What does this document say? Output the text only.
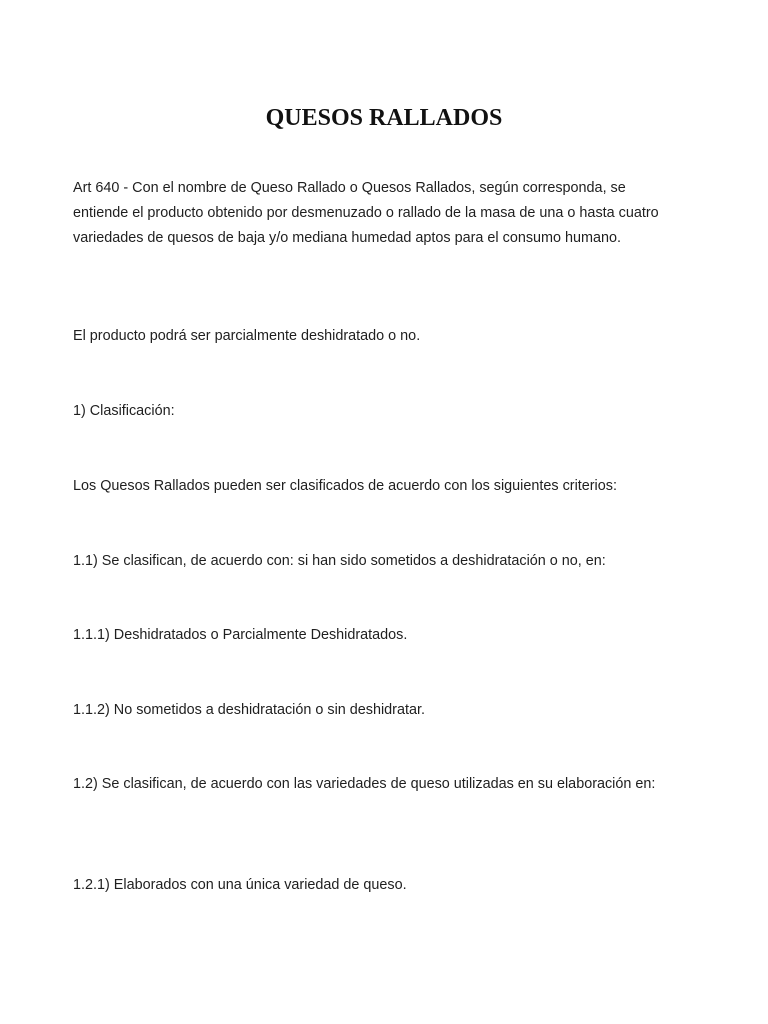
QUESOS RALLADOS

Art 640 - Con el nombre de Queso Rallado o Quesos Rallados, según corresponda, se entiende el producto obtenido por desmenuzado o rallado de la masa de una o hasta cuatro variedades de quesos de baja y/o mediana humedad aptos para el consumo humano.

El producto podrá ser parcialmente deshidratado o no.

1) Clasificación:

Los Quesos Rallados pueden ser clasificados de acuerdo con los siguientes criterios:

1.1) Se clasifican, de acuerdo con: si han sido sometidos a deshidratación o no, en:

1.1.1) Deshidratados o Parcialmente Deshidratados.

1.1.2) No sometidos a deshidratación o sin deshidratar.

1.2) Se clasifican, de acuerdo con las variedades de queso utilizadas en su elaboración en:

1.2.1) Elaborados con una única variedad de queso.
